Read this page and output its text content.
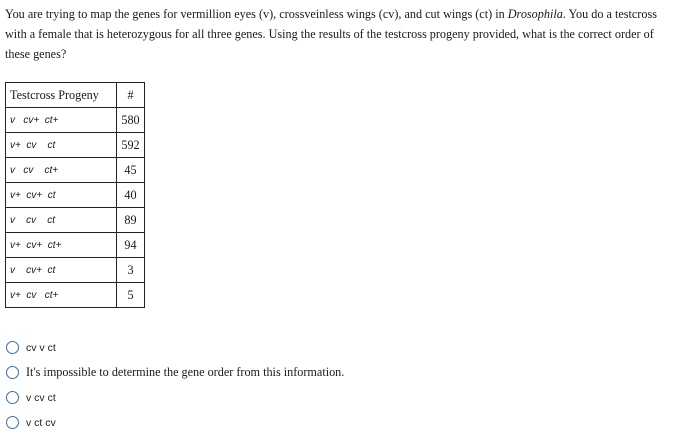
You are trying to map the genes for vermillion eyes (v), crossveinless wings (cv), and cut wings (ct) in Drosophila. You do a testcross with a female that is heterozygous for all three genes. Using the results of the testcross progeny provided, what is the correct order of these genes?

Testcross Progeny	#
v   cv+  ct+	580
v+  cv    ct	592
v   cv    ct+	45
v+  cv+  ct	40
v    cv    ct	89
v+  cv+  ct+	94
v    cv+  ct	3
v+  cv   ct+	5
cv v ct
It's impossible to determine the gene order from this information.
v cv ct
v ct cv
